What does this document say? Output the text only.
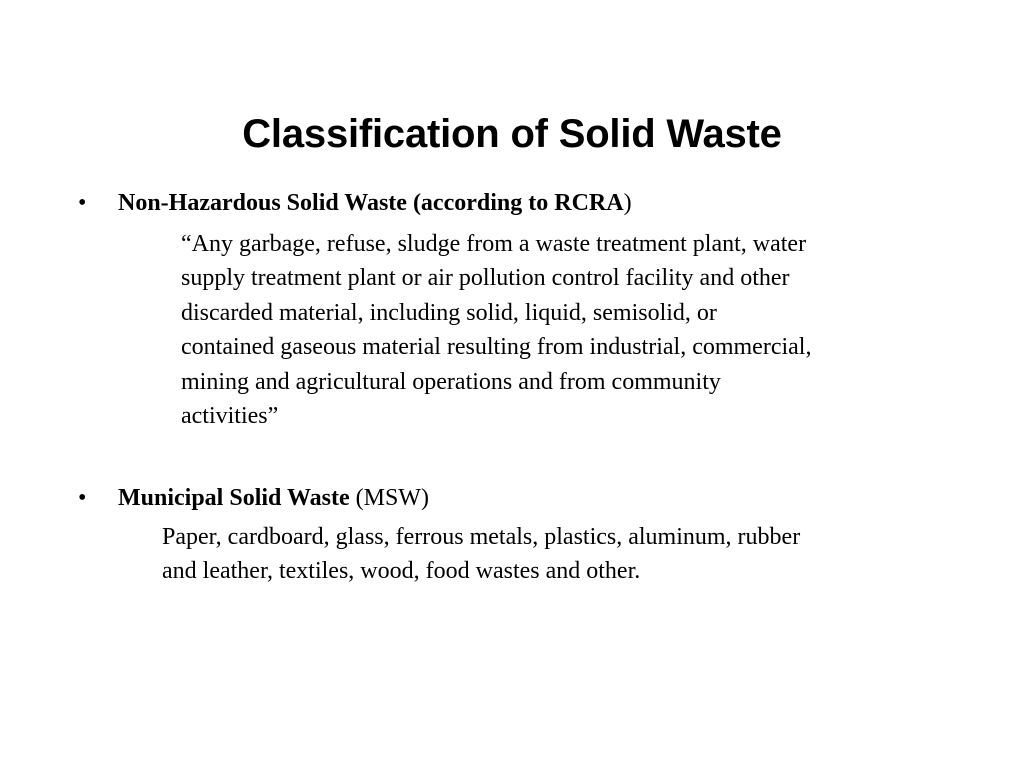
Classification of Solid Waste
•	Non-Hazardous Solid Waste (according to RCRA)
“Any garbage, refuse, sludge from a waste treatment plant, water
supply treatment plant or air pollution control facility and other
discarded material, including solid, liquid, semisolid, or
contained gaseous material resulting from industrial, commercial,
mining and agricultural operations and from community
activities”
•	Municipal Solid Waste (MSW)
Paper, cardboard, glass, ferrous metals, plastics, aluminum, rubber
and leather, textiles, wood, food wastes and other.
